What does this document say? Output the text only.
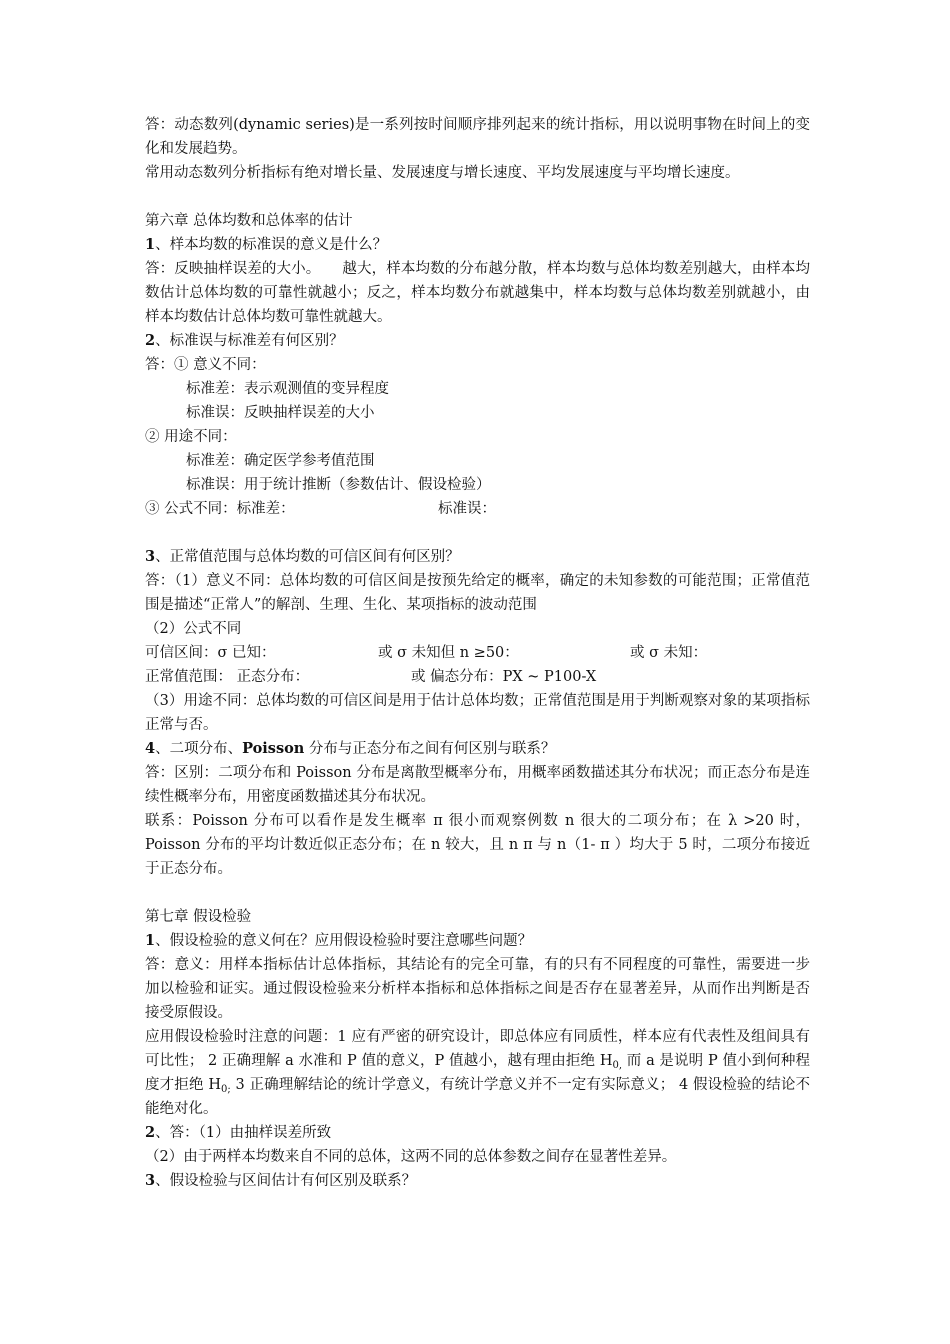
答：动态数列(dynamic series)是一系列按时间顺序排列起来的统计指标，用以说明事物在时间上的变化和发展趋势。

常用动态数列分析指标有绝对增长量、发展速度与增长速度、平均发展速度与平均增长速度。

第六章 总体均数和总体率的估计

1、样本均数的标准误的意义是什么？

答：反映抽样误差的大小。　　越大，样本均数的分布越分散，样本均数与总体均数差别越大，由样本均数估计总体均数的可靠性就越小；反之，样本均数分布就越集中，样本均数与总体均数差别就越小，由样本均数估计总体均数可靠性就越大。

2、标准误与标准差有何区别？

答：① 意义不同：

标准差：表示观测值的变异程度

标准误：反映抽样误差的大小

② 用途不同：

标准差：确定医学参考值范围

标准误：用于统计推断（参数估计、假设检验）

③ 公式不同：标准差：	标准误：

3、正常值范围与总体均数的可信区间有何区别？

答：（1）意义不同：总体均数的可信区间是按预先给定的概率，确定的未知参数的可能范围；正常值范围是描述“正常人”的解剖、生理、生化、某项指标的波动范围

（2）公式不同

可信区间：σ 已知：	或 σ 未知但 n ≥50：	或 σ 未知：
正常值范围： 正态分布：	或 偏态分布：PX ~ P100-X

（3）用途不同：总体均数的可信区间是用于估计总体均数；正常值范围是用于判断观察对象的某项指标正常与否。

4、二项分布、Poisson 分布与正态分布之间有何区别与联系？

答：区别：二项分布和 Poisson 分布是离散型概率分布，用概率函数描述其分布状况；而正态分布是连续性概率分布，用密度函数描述其分布状况。

联系：Poisson 分布可以看作是发生概率 π 很小而观察例数 n 很大的二项分布；在 λ >20 时，Poisson 分布的平均计数近似正态分布；在 n 较大，且 n π 与 n（1- π ）均大于 5 时，二项分布接近于正态分布。

第七章 假设检验

1、假设检验的意义何在？应用假设检验时要注意哪些问题？

答：意义：用样本指标估计总体指标，其结论有的完全可靠，有的只有不同程度的可靠性，需要进一步加以检验和证实。通过假设检验来分析样本指标和总体指标之间是否存在显著差异，从而作出判断是否接受原假设。

应用假设检验时注意的问题：1 应有严密的研究设计，即总体应有同质性，样本应有代表性及组间具有可比性； 2 正确理解 a 水准和 P 值的意义，P 值越小，越有理由拒绝 $H_{0,}$ 而 a 是说明 P 值小到何种程度才拒绝 $H_{0;}$ 3 正确理解结论的统计学意义，有统计学意义并不一定有实际意义； 4 假设检验的结论不能绝对化。

2、答：（1）由抽样误差所致

（2）由于两样本均数来自不同的总体，这两不同的总体参数之间存在显著性差异。

3、假设检验与区间估计有何区别及联系？
